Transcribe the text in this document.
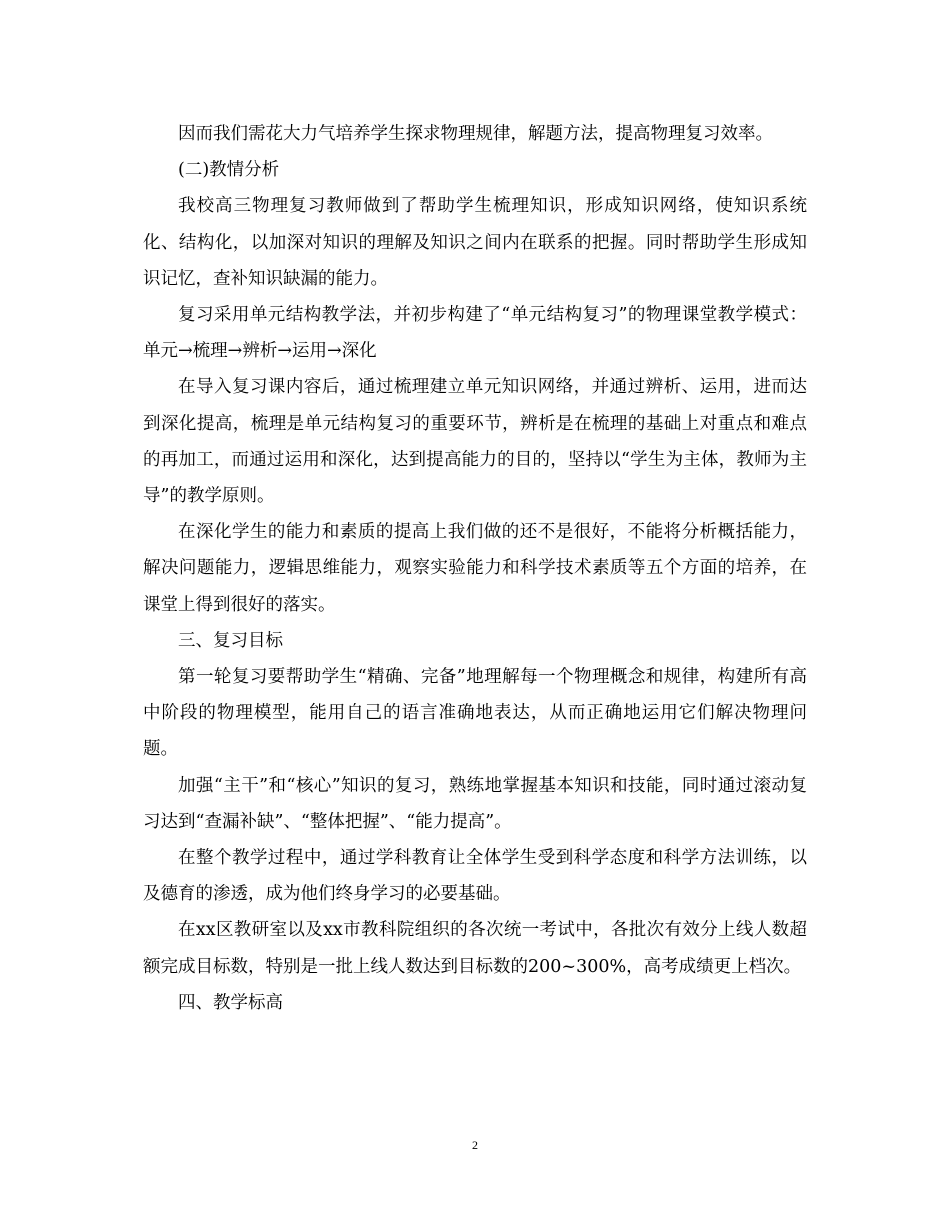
因而我们需花大力气培养学生探求物理规律，解题方法，提高物理复习效率。

(二)教情分析

我校高三物理复习教师做到了帮助学生梳理知识，形成知识网络，使知识系统化、结构化，以加深对知识的理解及知识之间内在联系的把握。同时帮助学生形成知识记忆，查补知识缺漏的能力。

复习采用单元结构教学法，并初步构建了“单元结构复习”的物理课堂教学模式：单元→梳理→辨析→运用→深化

在导入复习课内容后，通过梳理建立单元知识网络，并通过辨析、运用，进而达到深化提高，梳理是单元结构复习的重要环节，辨析是在梳理的基础上对重点和难点的再加工，而通过运用和深化，达到提高能力的目的，坚持以“学生为主体，教师为主导”的教学原则。

在深化学生的能力和素质的提高上我们做的还不是很好，不能将分析概括能力，解决问题能力，逻辑思维能力，观察实验能力和科学技术素质等五个方面的培养，在课堂上得到很好的落实。

三、复习目标

第一轮复习要帮助学生“精确、完备”地理解每一个物理概念和规律，构建所有高中阶段的物理模型，能用自己的语言准确地表达，从而正确地运用它们解决物理问题。

加强“主干”和“核心”知识的复习，熟练地掌握基本知识和技能，同时通过滚动复习达到“查漏补缺”、“整体把握”、“能力提高”。

在整个教学过程中，通过学科教育让全体学生受到科学态度和科学方法训练，以及德育的渗透，成为他们终身学习的必要基础。

在xx区教研室以及xx市教科院组织的各次统一考试中，各批次有效分上线人数超额完成目标数，特别是一批上线人数达到目标数的200~300%，高考成绩更上档次。

四、教学标高

2
